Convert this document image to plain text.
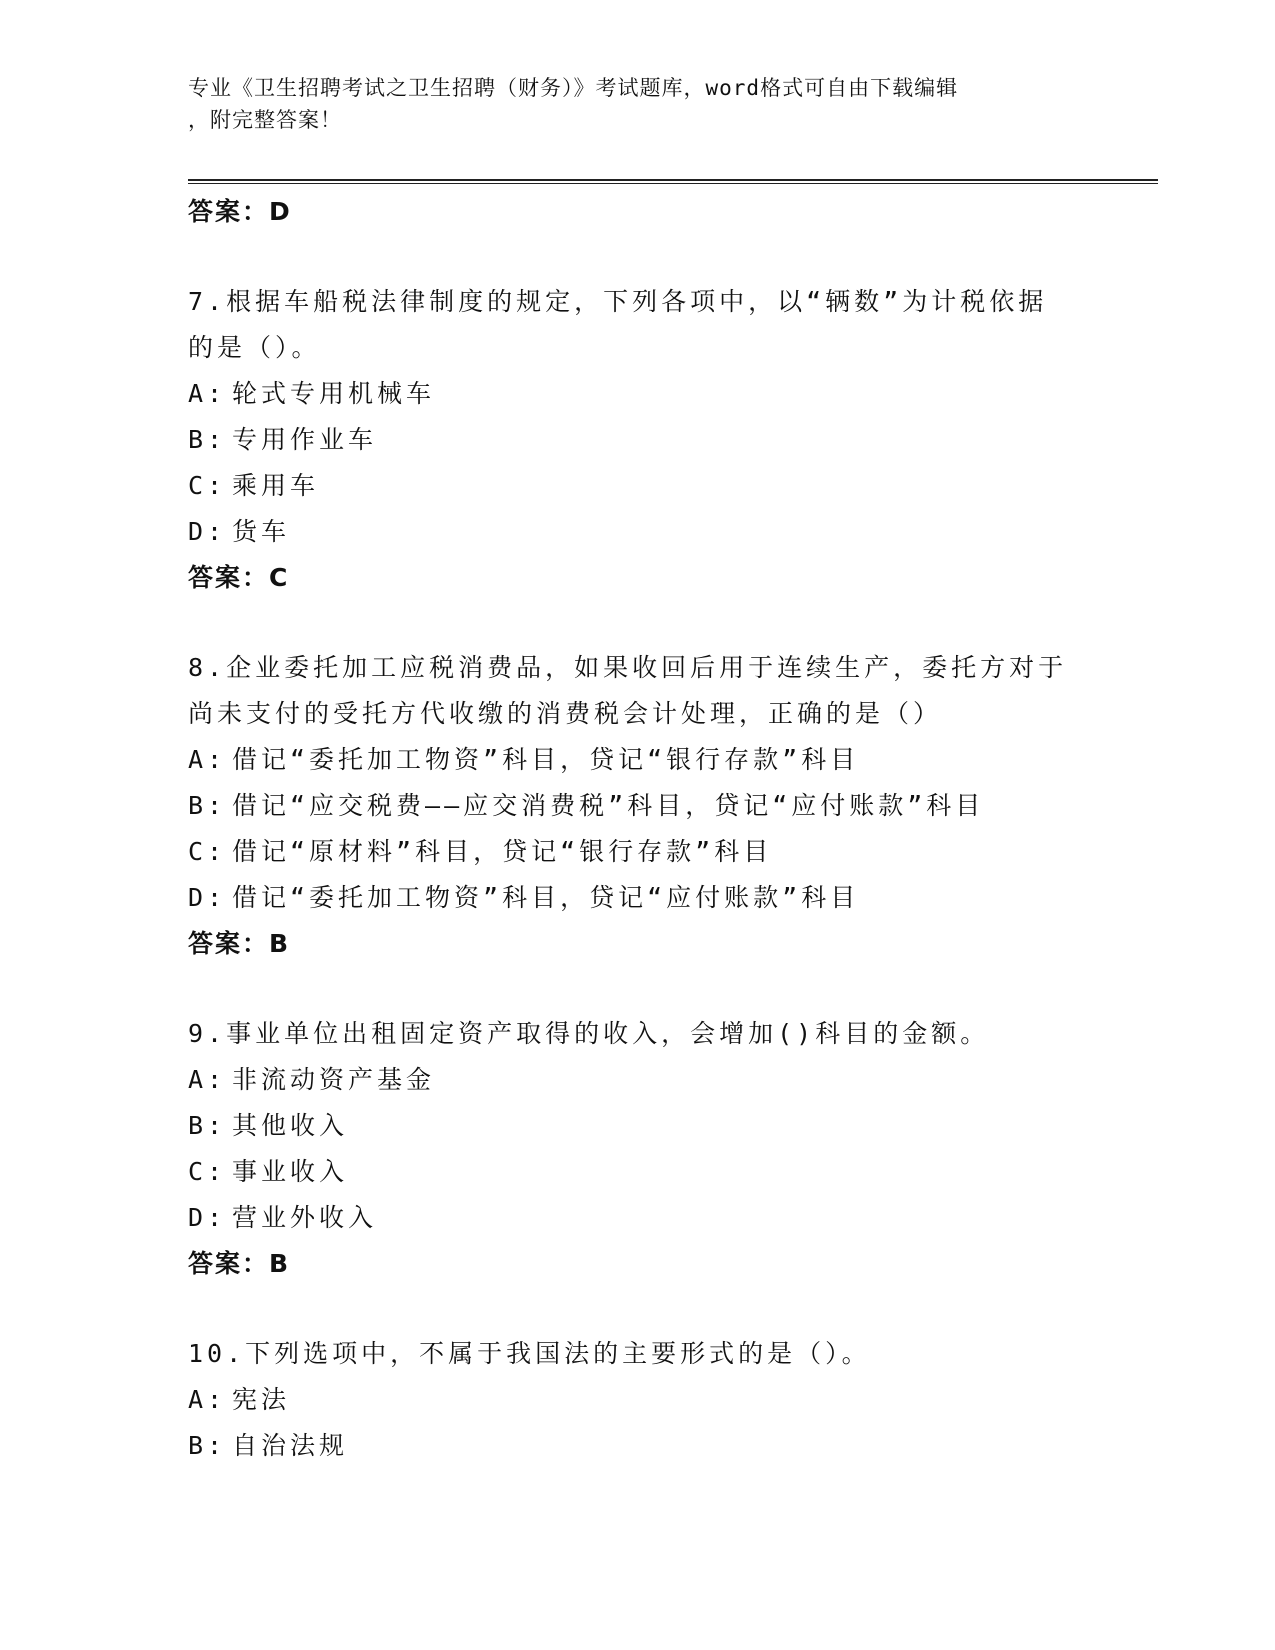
专业《卫生招聘考试之卫生招聘（财务）》考试题库，word格式可自由下载编辑
，附完整答案！
答案：D
7.根据车船税法律制度的规定，下列各项中，以“辆数”为计税依据
的是（）。
A: 轮式专用机械车
B: 专用作业车
C: 乘用车
D: 货车
答案：C
8.企业委托加工应税消费品，如果收回后用于连续生产，委托方对于
尚未支付的受托方代收缴的消费税会计处理，正确的是（）
A: 借记“委托加工物资”科目，贷记“银行存款”科目
B: 借记“应交税费——应交消费税”科目，贷记“应付账款”科目
C: 借记“原材料”科目，贷记“银行存款”科目
D: 借记“委托加工物资”科目，贷记“应付账款”科目
答案：B
9.事业单位出租固定资产取得的收入，会增加()科目的金额。
A: 非流动资产基金
B: 其他收入
C: 事业收入
D: 营业外收入
答案：B
10.下列选项中，不属于我国法的主要形式的是（）。
A: 宪法
B: 自治法规
